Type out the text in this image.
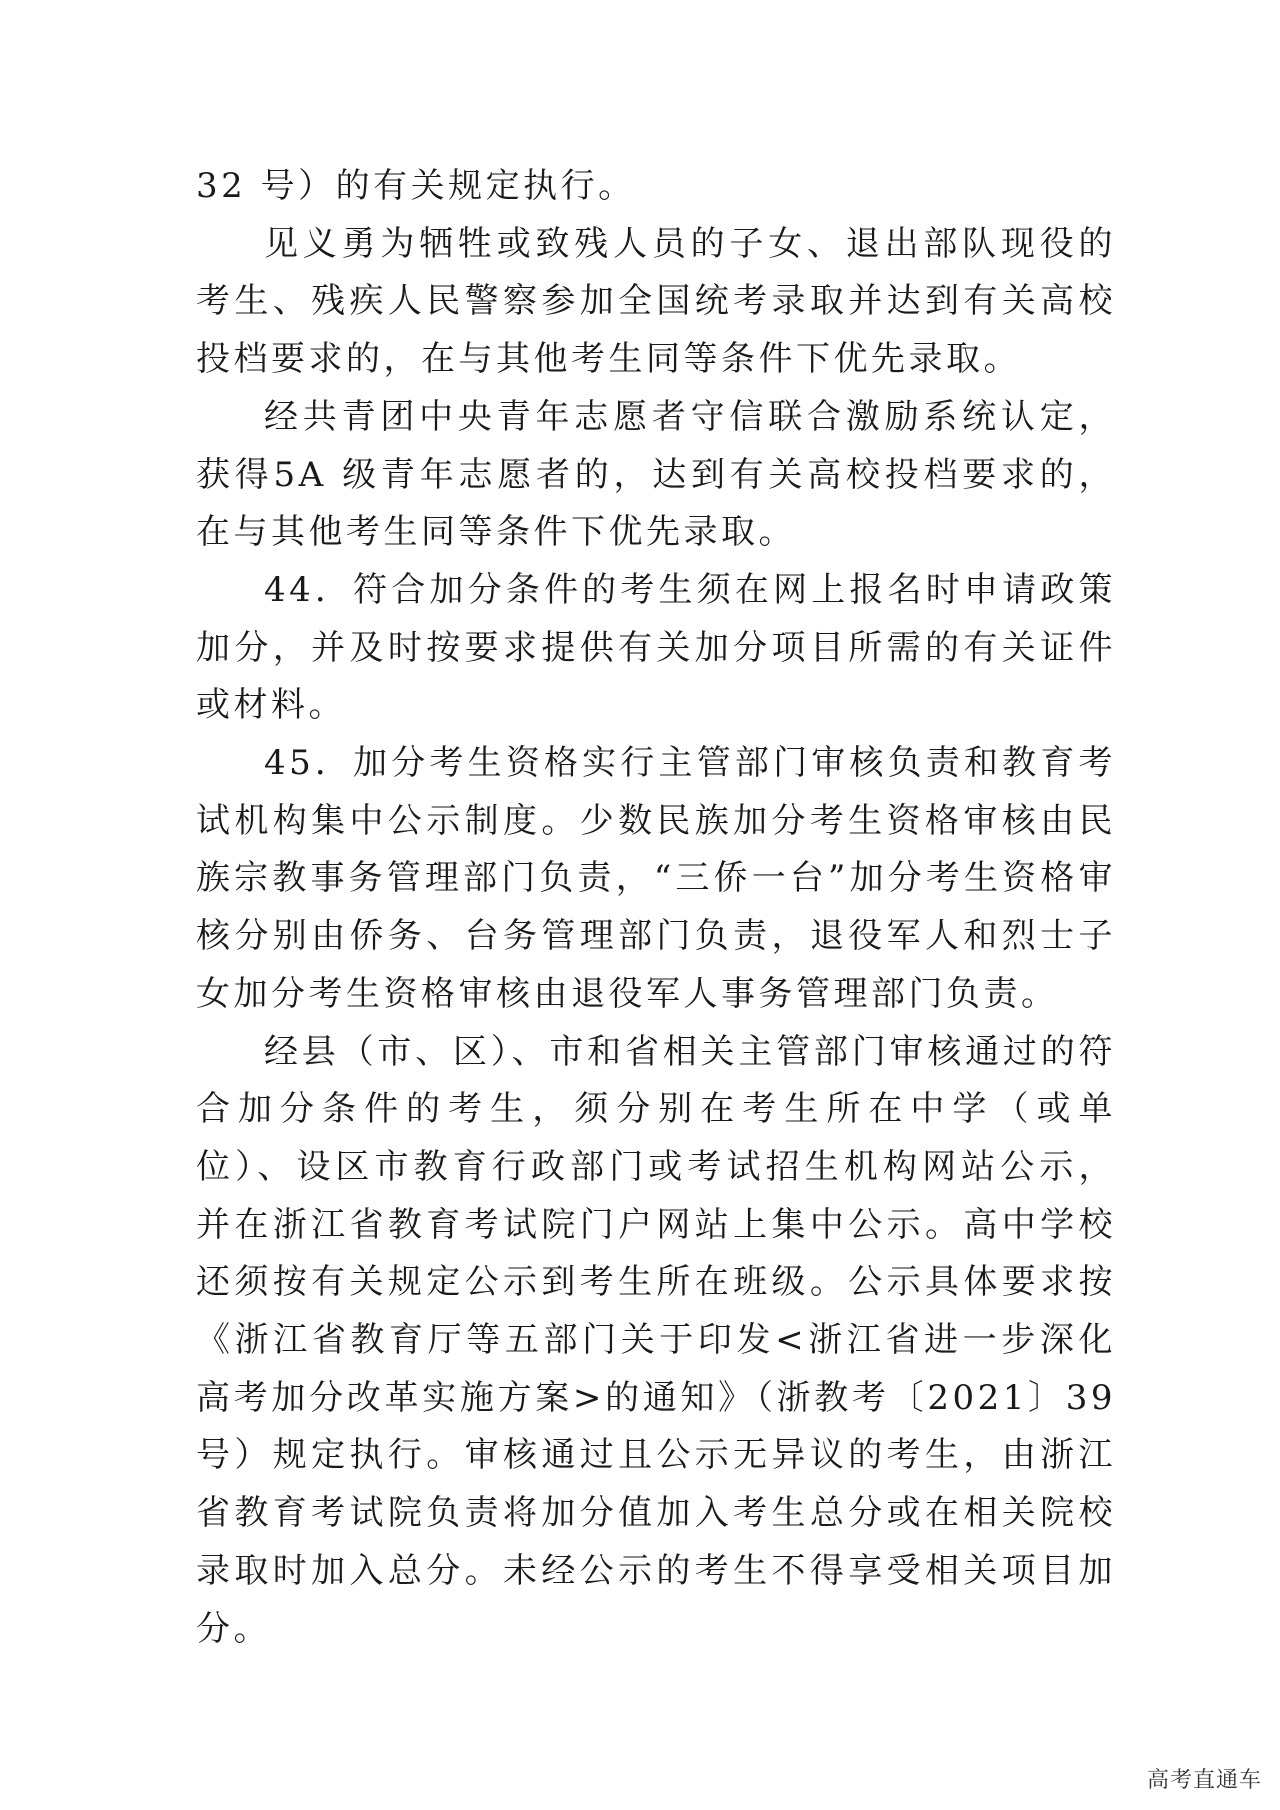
32 号）的有关规定执行。

见义勇为牺牲或致残人员的子女、退出部队现役的考生、残疾人民警察参加全国统考录取并达到有关高校投档要求的，在与其他考生同等条件下优先录取。

经共青团中央青年志愿者守信联合激励系统认定，获得5A 级青年志愿者的，达到有关高校投档要求的，在与其他考生同等条件下优先录取。

44．符合加分条件的考生须在网上报名时申请政策加分，并及时按要求提供有关加分项目所需的有关证件或材料。

45．加分考生资格实行主管部门审核负责和教育考试机构集中公示制度。少数民族加分考生资格审核由民族宗教事务管理部门负责，“三侨一台”加分考生资格审核分别由侨务、台务管理部门负责，退役军人和烈士子女加分考生资格审核由退役军人事务管理部门负责。

经县（市、区）、市和省相关主管部门审核通过的符合加分条件的考生，须分别在考生所在中学（或单位）、设区市教育行政部门或考试招生机构网站公示，并在浙江省教育考试院门户网站上集中公示。高中学校还须按有关规定公示到考生所在班级。公示具体要求按《浙江省教育厅等五部门关于印发<浙江省进一步深化高考加分改革实施方案>的通知》（浙教考〔2021〕39 号）规定执行。审核通过且公示无异议的考生，由浙江省教育考试院负责将加分值加入考生总分或在相关院校录取时加入总分。未经公示的考生不得享受相关项目加分。

高考直通车
